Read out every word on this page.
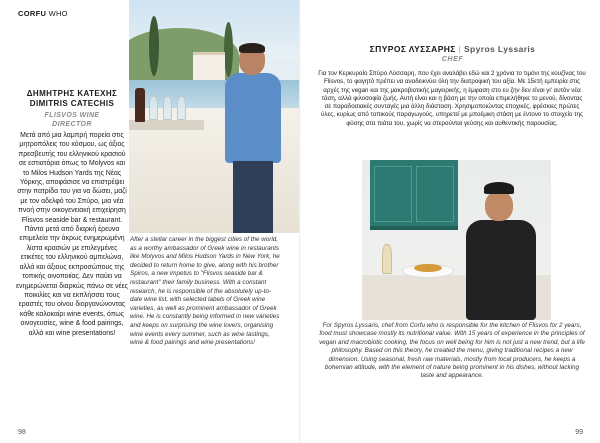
CORFU WHO
ΔΗΜΗΤΡΗΣ ΚΑΤΕΧΗΣ
DIMITRIS CATECHIS
FLISVOS WINE
DIRECTOR

Μετά από μια λαμπρή πορεία στις μητροπόλεις του κόσμου, ως άξιος πρεσβευτής του ελληνικού κρασιού σε εστιατόρια όπως το Molyvos και το Milos Hudson Yards της Νέας Υόρκης, αποφάσισε να επιστρέψει στην πατρίδα του για να δώσει, μαζί με τον αδελφό του Σπύρο, μια νέα πνοή στην οικογενειακή επιχείρηση Flisvos seaside bar & restaurant. Πάντα μετά από διαρκή έρευνα επιμελεία την άκρως ενημερωμένη λίστα κρασιών με επιλεγμένες ετικέτες του ελληνικού αμπελώνα, αλλά και άξιους εκπροσώπους της τοπικής οινοποιίας. Δεν παύει να ενημερώνεται διαρκώς πάνω σε νέες ποικιλίες και να εκπλήσσει τους εραστές του οίνου διοργανώνοντας κάθε καλοκαίρι wine events, όπως οινογευσίες, wine & food pairings, αλλά και wine presentations!

After a stellar career in the biggest cities of the world, as a worthy ambassador of Greek wine in restaurants like Molyvos and Milos Hudson Yards in New York, he decided to return home to give, along with his brother Spiros, a new impetus to "Flisvos seaside bar & restaurant" their family business. With a constant research, he is responsible of the absolutely up-to-date wine list, with selected labels of Greek wine varieties, as well as prominent ambassador of Greek wine. He is constantly being informed in new varieties and keeps on surprising the wine lovers, organising wine events every summer, such as wine tastings, wine & food pairings and wine presentations!

98
ΣΠΥΡΟΣ ΛΥΣΣΑΡΗΣ | Spyros Lyssaris
CHEF

Για τον Κερκυραίο Σπύρο Λύσσαρη, που έχει αναλάβει εδώ και 2 χρόνια το τιμόνι της κουζίνας του Flisvos, το φαγητό πρέπει να αναδεικνύει όλη την διατροφική του αξία. Με 15ετή εμπειρία στις αρχές της vegan και της μακροβιοτικής μαγειρικής, η έμφαση στο ευ ζην δεν είναι γι' αυτόν νέα τάση, αλλά φιλοσοφία ζωής. Αυτή είναι και η βάση με την οποία επιμελήθηκε το μενού, δίνοντας σε παραδοσιακές συνταγές μια άλλη διάσταση. Χρησιμοποιώντας εποχικές, φρέσκιες πρώτες ύλες, κυρίως από τοπικούς παραγωγούς, υπηρετεί με μποέμικη στάση με έντονο το στοιχείο της φύσης στα πιάτα του, χωρίς να στερούνται γεύσης και αυθεντικής παρουσίας.

For Spyros Lyssaris, chef from Corfu who is responsible for the kitchen of Flisvos for 2 years, food must showcase mostly its nutritional value. With 15 years of experience in the principles of vegan and macrobiotic cooking, the focus on well being for him is not just a new trend, but a life philosophy. Based on this theory, he created the menu, giving traditional recipes a new dimension. Using seasonal, fresh raw materials, mostly from local producers, he keeps a bohemian attitude, with the element of nature being prominent in his dishes, without lacking taste and appearance.

99
